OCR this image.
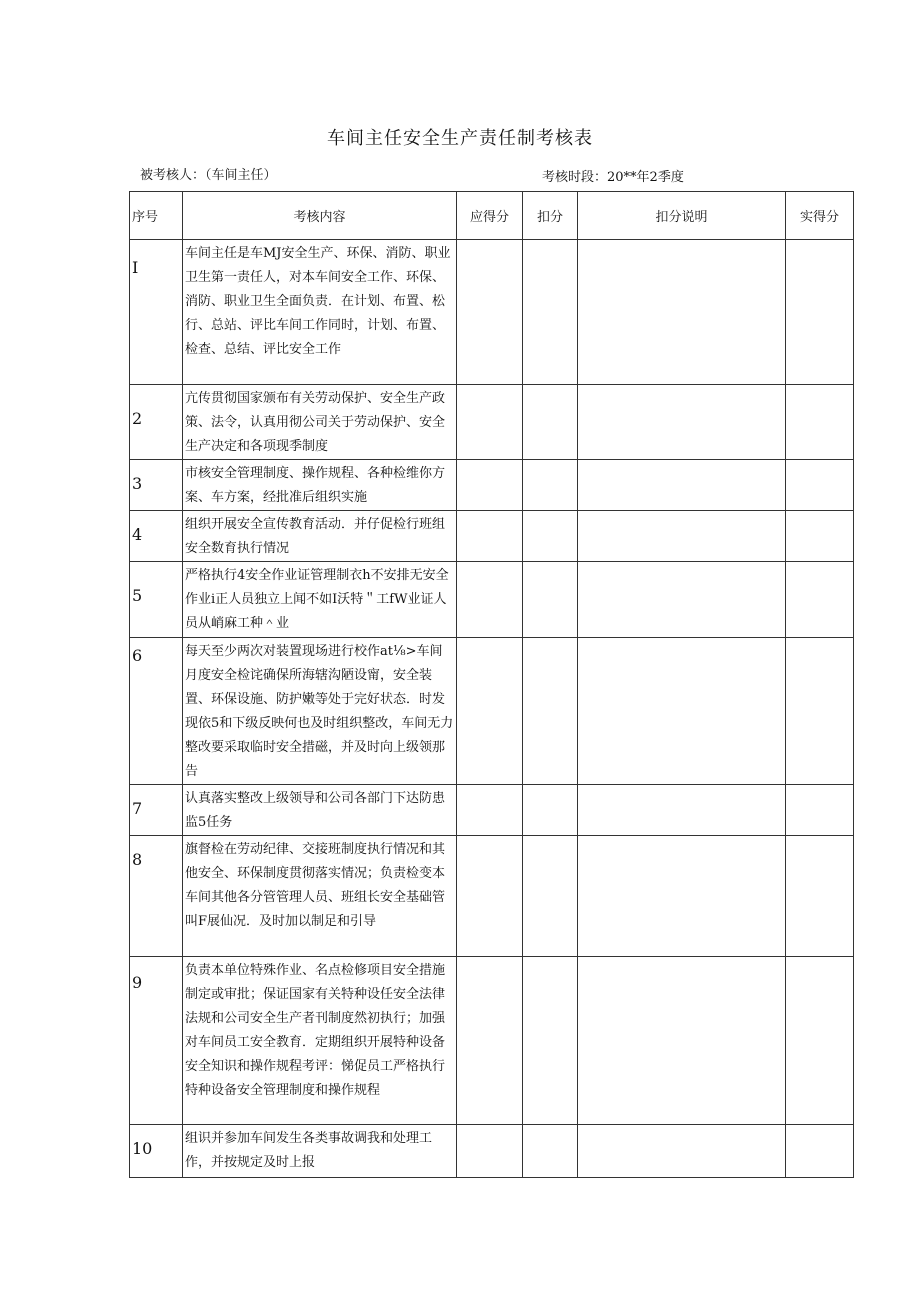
车间主任安全生产责任制考核表
被考核人：（车间主任）	考核时段：20**年2季度
序号	考核内容	应得分	扣分	扣分说明	实得分
I	车间主任是车MJ安全生产、环保、消防、职业卫生第一责任人，对本车间安全工作、环保、消防、职业卫生全面负责．在计划、布置、松行、总站、评比车间工作同时，计划、布置、检查、总结、评比安全工作				
2	亢传贯彻国家颁布有关劳动保护、安全生产政策、法令，认真用彻公司关于劳动保护、安全生产决定和各项现季制度				
3	市核安全管理制度、操作规程、各种检维你方案、车方案，经批准后组织实施				
4	组织开展安全宣传教育活动．并仔促检行班组安全数育执行情况				
5	严格执行4安全作业证管理制衣h不安排无安全作业i正人员独立上闻不如I沃特＂工fW业证人员从峭麻工种＾业				
6	每天至少两次对装置现场进行校作at⅛>车间月度安全检诧确保所海辖沟陋设甯，安全装置、环保设施、防护嫩等处于完好状态．时发现依5和下级反映何也及时组织整改，车间无力整改要采取临时安全措磁，并及时向上级领那告				
7	认真落实整改上级领导和公司各部门下达防患监5任务				
8	旗督检在劳动纪律、交接班制度执行情况和其他安全、环保制度贯彻落实情况；负责检变本车间其他各分管管理人员、班组长安全基础管叫F展仙况．及时加以制足和引导				
9	负责本单位特殊作业、名点检修项目安全措施制定或审批；保证国家有关特种设任安全法律法规和公司安全生产者刊制度然初执行；加强对车间员工安全教育．定期组织开展特种设备安全知识和操作规程考评：悌促员工严格执行特种设备安全管理制度和操作规程				
10	组识并参加车间发生各类事故调我和处理工作，并按规定及时上报				
